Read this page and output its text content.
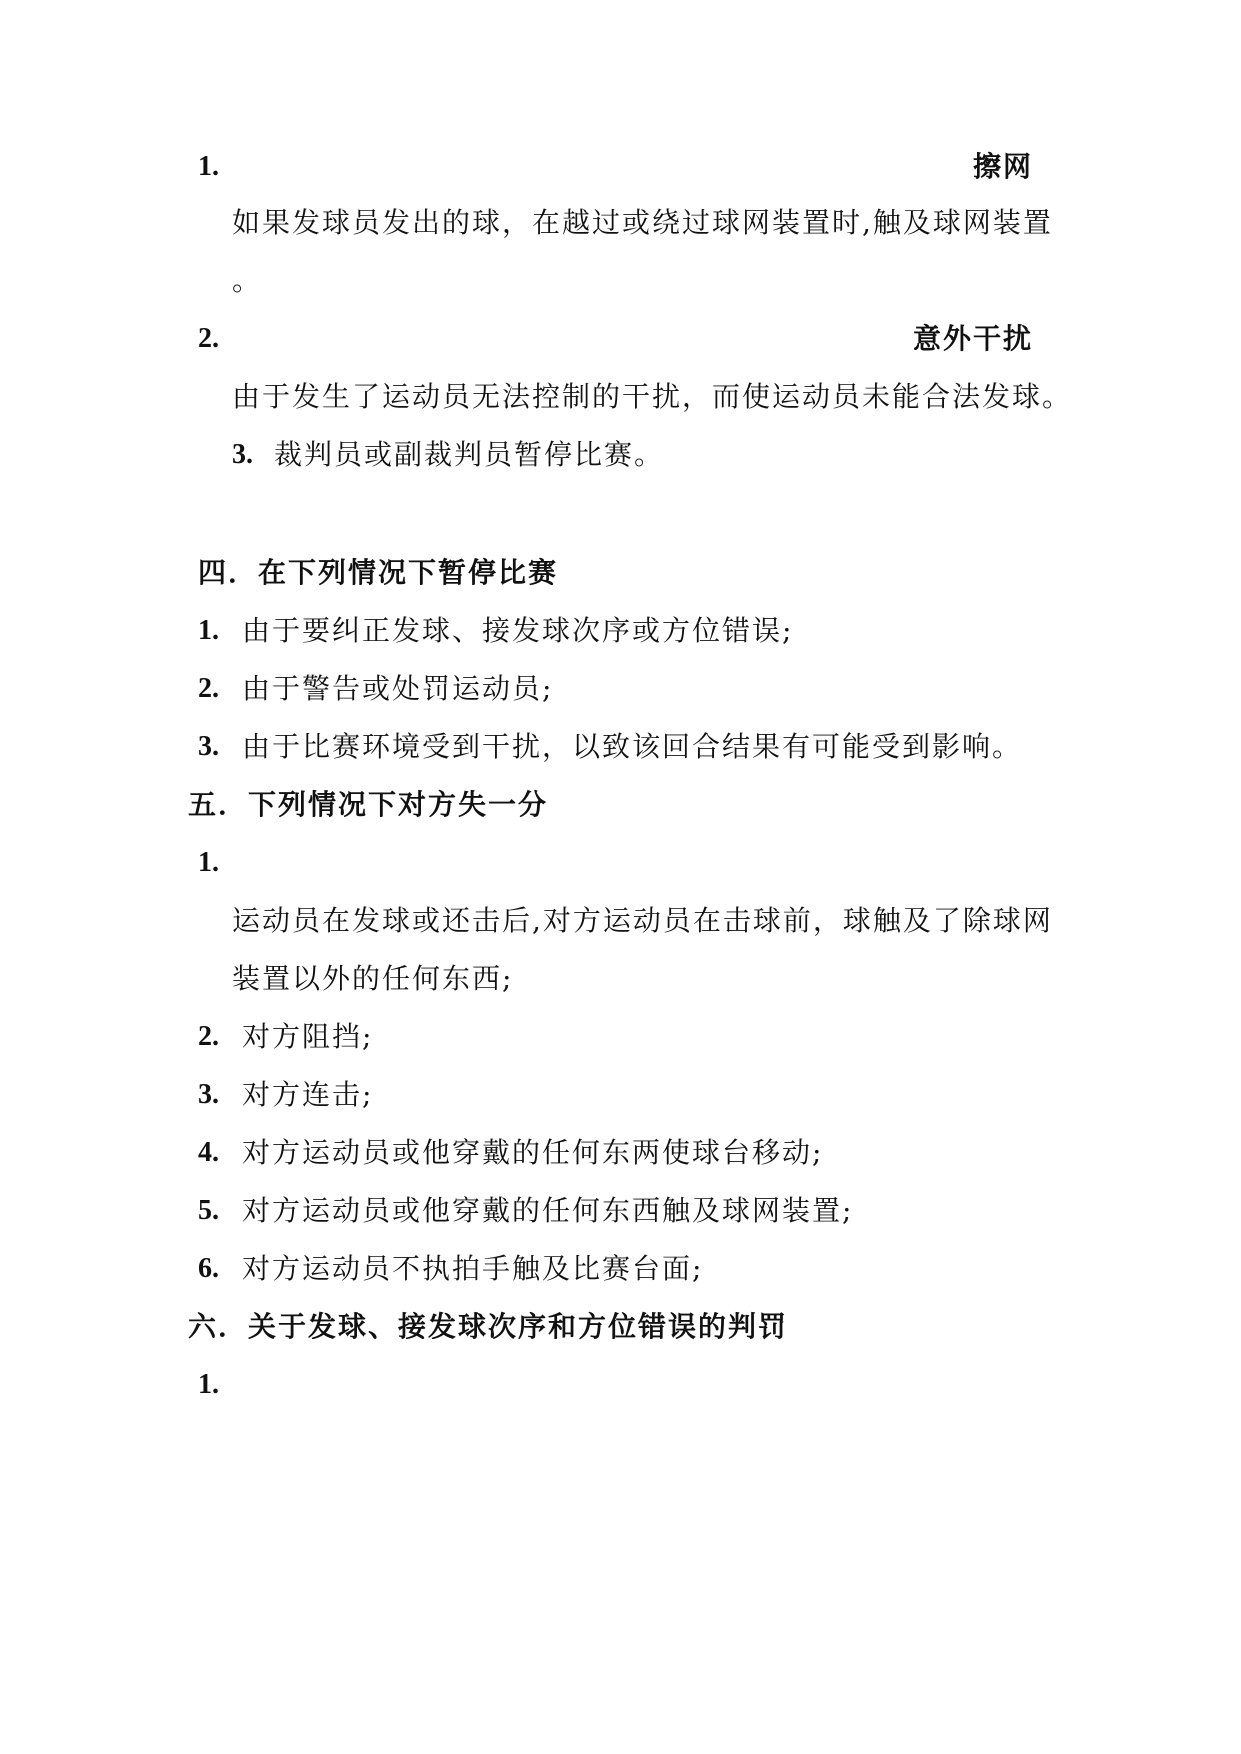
1.	擦网
如果发球员发出的球，在越过或绕过球网装置时,触及球网装置
。
2.	意外干扰
由于发生了运动员无法控制的干扰，而使运动员未能合法发球。
3. 裁判员或副裁判员暂停比赛。
四．在下列情况下暂停比赛
1. 由于要纠正发球、接发球次序或方位错误;
2. 由于警告或处罚运动员;
3. 由于比赛环境受到干扰，以致该回合结果有可能受到影响。
五．下列情况下对方失一分
1.
运动员在发球或还击后,对方运动员在击球前，球触及了除球网
装置以外的任何东西;
2. 对方阻挡;
3. 对方连击;
4. 对方运动员或他穿戴的任何东两使球台移动;
5. 对方运动员或他穿戴的任何东西触及球网装置;
6. 对方运动员不执拍手触及比赛台面;
六．关于发球、接发球次序和方位错误的判罚
1.
